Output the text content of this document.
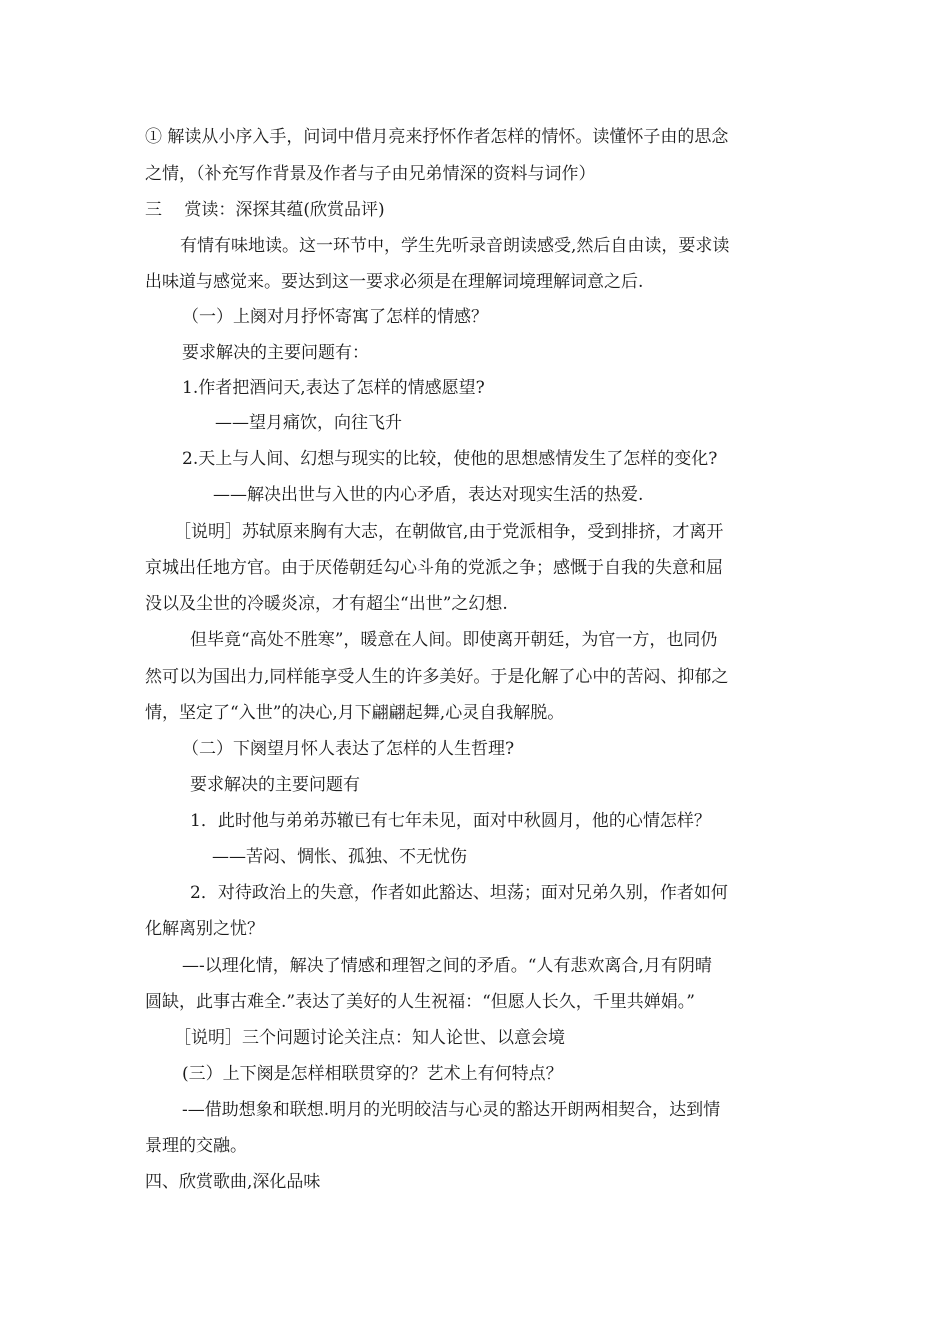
① 解读从小序入手，问词中借月亮来抒怀作者怎样的情怀。读懂怀子由的思念
之情，（补充写作背景及作者与子由兄弟情深的资料与词作）
三　 赏读：深探其蕴(欣赏品评)
有情有味地读。这一环节中，学生先听录音朗读感受,然后自由读，要求读
出味道与感觉来。要达到这一要求必须是在理解词境理解词意之后.
（一）上阕对月抒怀寄寓了怎样的情感？
要求解决的主要问题有：
1.作者把酒问天,表达了怎样的情感愿望?
——望月痛饮，向往飞升
2.天上与人间、幻想与现实的比较，使他的思想感情发生了怎样的变化?
——解决出世与入世的内心矛盾，表达对现实生活的热爱.
［说明］苏轼原来胸有大志，在朝做官,由于党派相争，受到排挤，才离开
京城出任地方官。由于厌倦朝廷勾心斗角的党派之争；感慨于自我的失意和屈
没以及尘世的冷暖炎凉，才有超尘“出世”之幻想.
但毕竟“高处不胜寒”，暖意在人间。即使离开朝廷，为官一方，也同仍
然可以为国出力,同样能享受人生的许多美好。于是化解了心中的苦闷、抑郁之
情，坚定了“入世”的决心,月下翩翩起舞,心灵自我解脱。
（二）下阕望月怀人表达了怎样的人生哲理?
要求解决的主要问题有
1．此时他与弟弟苏辙已有七年未见，面对中秋圆月，他的心情怎样？
——苦闷、惆怅、孤独、不无忧伤
2．对待政治上的失意，作者如此豁达、坦荡；面对兄弟久别，作者如何
化解离别之忧？
—-以理化情，解决了情感和理智之间的矛盾。“人有悲欢离合,月有阴晴
圆缺，此事古难全.”表达了美好的人生祝福：“但愿人长久，千里共婵娟。”
［说明］三个问题讨论关注点：知人论世、以意会境
(三）上下阕是怎样相联贯穿的？艺术上有何特点？
-—借助想象和联想.明月的光明皎洁与心灵的豁达开朗两相契合，达到情
景理的交融。
四、欣赏歌曲,深化品味
